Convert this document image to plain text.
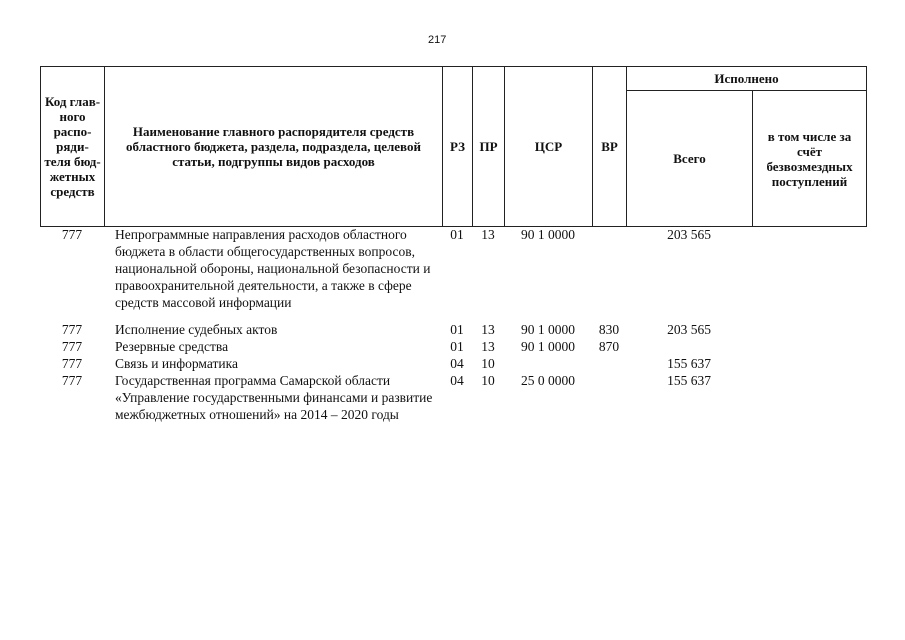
217
Код глав-ного распо-ряди-теля бюд-жетных средств	Наименование главного распорядителя средств областного бюджета, раздела, подраздела, целевой статьи, подгруппы видов расходов	РЗ	ПР	ЦСР	ВР	Исполнено	
						Всего	в том числе за счёт безвозмездных поступлений
777	Непрограммные направления расходов областного бюджета в области общегосударственных вопросов, национальной обороны, национальной безопасности и правоохранительной деятельности, а также в сфере средств массовой информации	01	13	90 1 0000		203 565	
777	Исполнение судебных актов	01	13	90 1 0000	830	203 565	
777	Резервные средства	01	13	90 1 0000	870		
777	Связь и информатика	04	10			155 637	
777	Государственная программа Самарской области «Управление государственными финансами и развитие межбюджетных отношений» на 2014 – 2020 годы	04	10	25 0 0000		155 637	
